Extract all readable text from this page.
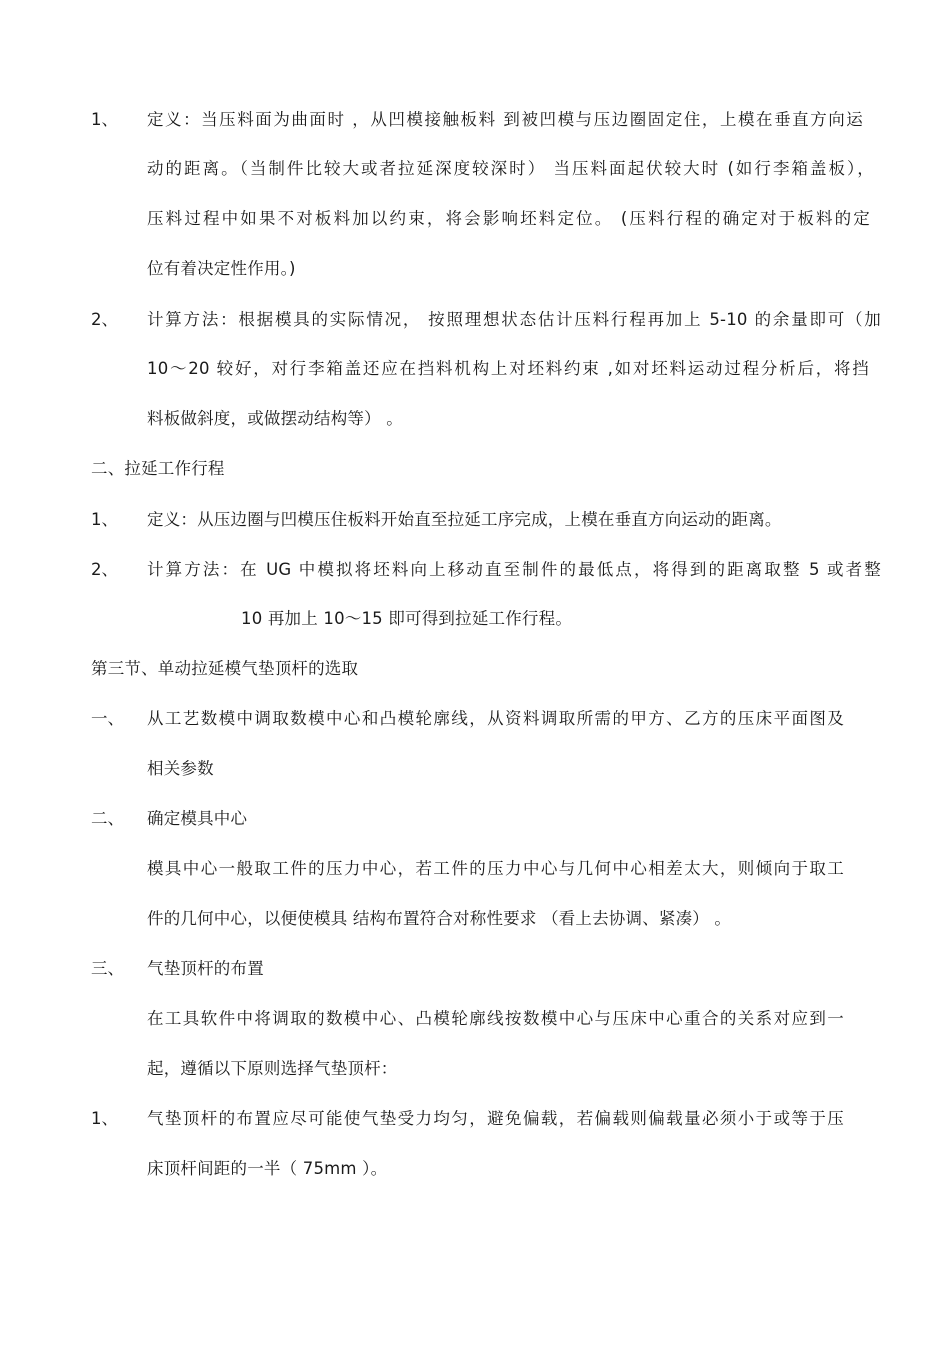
1、 定义：当压料面为曲面时 ，从凹模接触板料 到被凹模与压边圈固定住，上模在垂直方向运
动的距离。（当制件比较大或者拉延深度较深时） 当压料面起伏较大时 (如行李箱盖板），
压料过程中如果不对板料加以约束，将会影响坯料定位。 (压料行程的确定对于板料的定
位有着决定性作用。)
2、 计算方法：根据模具的实际情况， 按照理想状态估计压料行程再加上 5-10 的余量即可（加
10～20 较好，对行李箱盖还应在挡料机构上对坯料约束 ,如对坯料运动过程分析后，将挡
料板做斜度，或做摆动结构等） 。
二、拉延工作行程
1、 定义：从压边圈与凹模压住板料开始直至拉延工序完成，上模在垂直方向运动的距离。
2、 计算方法：在 UG 中模拟将坯料向上移动直至制件的最低点，将得到的距离取整 5 或者整
10 再加上 10～15 即可得到拉延工作行程。
第三节、单动拉延模气垫顶杆的选取
一、 从工艺数模中调取数模中心和凸模轮廓线，从资料调取所需的甲方、乙方的压床平面图及
相关参数
二、 确定模具中心
模具中心一般取工件的压力中心，若工件的压力中心与几何中心相差太大，则倾向于取工
件的几何中心，以便使模具 结构布置符合对称性要求 （看上去协调、紧凑） 。
三、 气垫顶杆的布置
在工具软件中将调取的数模中心、凸模轮廓线按数模中心与压床中心重合的关系对应到一
起，遵循以下原则选择气垫顶杆：
1、 气垫顶杆的布置应尽可能使气垫受力均匀，避免偏载，若偏载则偏载量必须小于或等于压
床顶杆间距的一半（ 75mm ）。
